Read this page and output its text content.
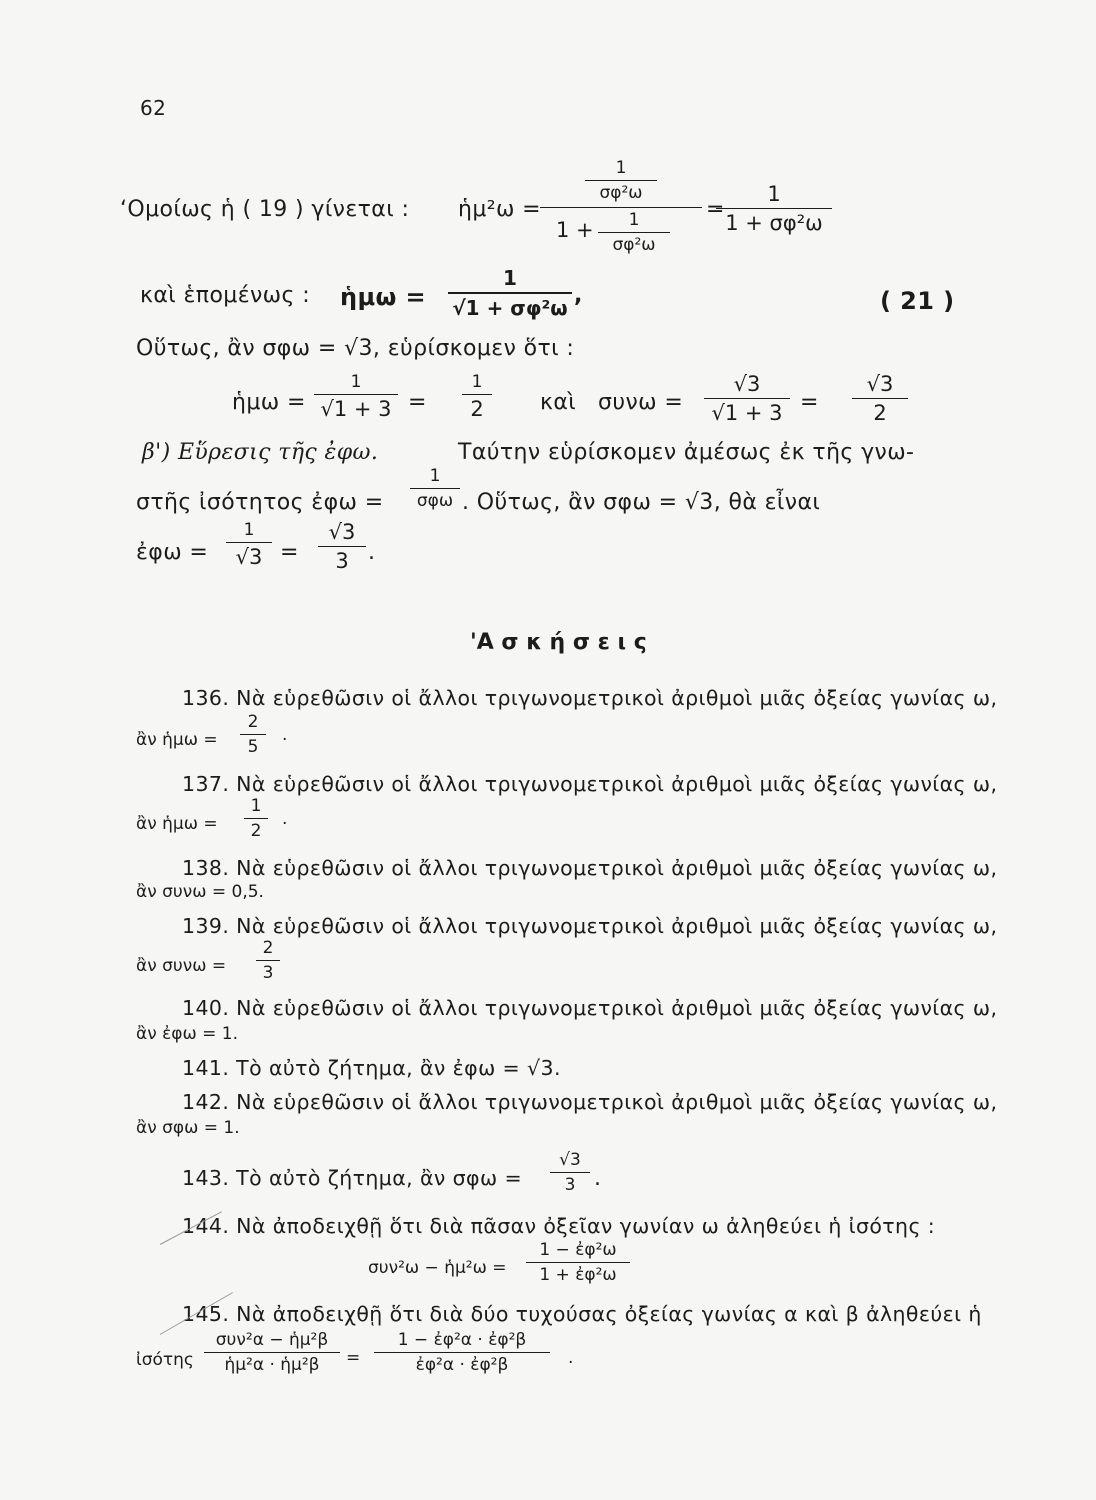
62
‘Ομοίως ἡ ( 19 ) γίνεται : ἡμ²ω =
1
σφ²ω
1 +	1
σφ²ω
=
1
1 + σφ²ω
καὶ ἑπομένως : ἡμω =
1
√1 + σφ²ω ,	( 21 )
Οὕτως, ἂν σφω = √3, εὑρίσκομεν ὅτι :
ἡμω =
1
√1 + 3 =
1
2	καὶ συνω =
√3
√1 + 3 =
√3
2
β') Εὕρεσις τῆς ἐφω.	Ταύτην εὑρίσκομεν ἀμέσως ἐκ τῆς γνω-
στῆς ἰσότητος ἐφω =
1
σφω . Οὕτως, ἂν σφω = √3, θὰ εἶναι
ἐφω =
1
√3 =
√3
3 .
'Α σ κ ή σ ε ι ς
136. Νὰ εὑρεθῶσιν οἱ ἄλλοι τριγωνομετρικοὶ ἀριθμοὶ μιᾶς ὀξείας γωνίας ω,
ἂν ἡμω =
2
5	·
137. Νὰ εὑρεθῶσιν οἱ ἄλλοι τριγωνομετρικοὶ ἀριθμοὶ μιᾶς ὀξείας γωνίας ω,
ἂν ἡμω =
1
2	·
138. Νὰ εὑρεθῶσιν οἱ ἄλλοι τριγωνομετρικοὶ ἀριθμοὶ μιᾶς ὀξείας γωνίας ω,
ἂν συνω = 0,5.
139. Νὰ εὑρεθῶσιν οἱ ἄλλοι τριγωνομετρικοὶ ἀριθμοὶ μιᾶς ὀξείας γωνίας ω,
ἂν συνω =
2
3
140. Νὰ εὑρεθῶσιν οἱ ἄλλοι τριγωνομετρικοὶ ἀριθμοὶ μιᾶς ὀξείας γωνίας ω,
ἂν ἐφω = 1.
141. Τὸ αὐτὸ ζήτημα, ἂν ἐφω = √3.
142. Νὰ εὑρεθῶσιν οἱ ἄλλοι τριγωνομετρικοὶ ἀριθμοὶ μιᾶς ὀξείας γωνίας ω,
ἂν σφω = 1.
143. Τὸ αὐτὸ ζήτημα, ἂν σφω =
√3
3 .
144. Νὰ ἀποδειχθῇ ὅτι διὰ πᾶσαν ὀξεῖαν γωνίαν ω ἀληθεύει ἡ ἰσότης :
συν²ω − ἡμ²ω =
1 − ἐφ²ω
1 + ἐφ²ω
145. Νὰ ἀποδειχθῇ ὅτι διὰ δύο τυχούσας ὀξείας γωνίας α καὶ β ἀληθεύει ἡ
ἰσότης
συν²α − ἡμ²β
ἡμ²α · ἡμ²β	=
1 − ἐφ²α · ἐφ²β
ἐφ²α · ἐφ²β	.
